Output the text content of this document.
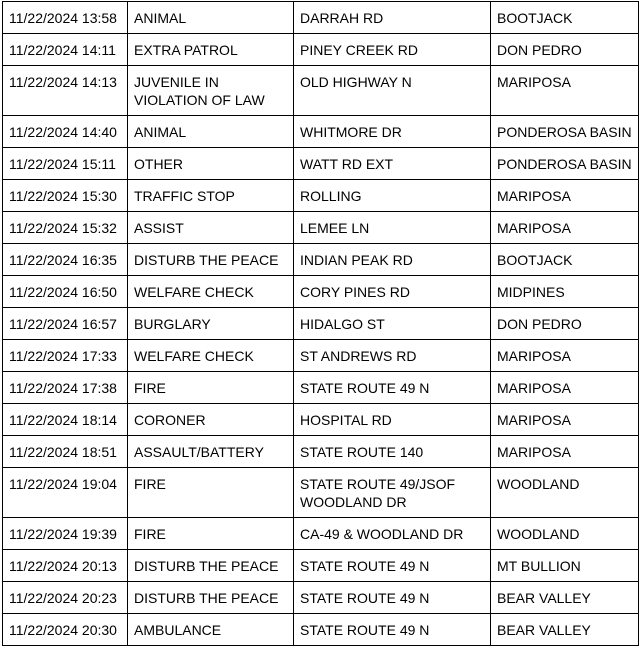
11/22/2024 13:58	ANIMAL	DARRAH RD	BOOTJACK
11/22/2024 14:11	EXTRA PATROL	PINEY CREEK RD	DON PEDRO
11/22/2024 14:13	JUVENILE IN VIOLATION OF LAW	OLD HIGHWAY N	MARIPOSA
11/22/2024 14:40	ANIMAL	WHITMORE DR	PONDEROSA BASIN
11/22/2024 15:11	OTHER	WATT RD EXT	PONDEROSA BASIN
11/22/2024 15:30	TRAFFIC STOP	ROLLING	MARIPOSA
11/22/2024 15:32	ASSIST	LEMEE LN	MARIPOSA
11/22/2024 16:35	DISTURB THE PEACE	INDIAN PEAK RD	BOOTJACK
11/22/2024 16:50	WELFARE CHECK	CORY PINES RD	MIDPINES
11/22/2024 16:57	BURGLARY	HIDALGO ST	DON PEDRO
11/22/2024 17:33	WELFARE CHECK	ST ANDREWS RD	MARIPOSA
11/22/2024 17:38	FIRE	STATE ROUTE 49 N	MARIPOSA
11/22/2024 18:14	CORONER	HOSPITAL RD	MARIPOSA
11/22/2024 18:51	ASSAULT/BATTERY	STATE ROUTE 140	MARIPOSA
11/22/2024 19:04	FIRE	STATE ROUTE 49/JSOF WOODLAND DR	WOODLAND
11/22/2024 19:39	FIRE	CA-49 & WOODLAND DR	WOODLAND
11/22/2024 20:13	DISTURB THE PEACE	STATE ROUTE 49 N	MT BULLION
11/22/2024 20:23	DISTURB THE PEACE	STATE ROUTE 49 N	BEAR VALLEY
11/22/2024 20:30	AMBULANCE	STATE ROUTE 49 N	BEAR VALLEY
